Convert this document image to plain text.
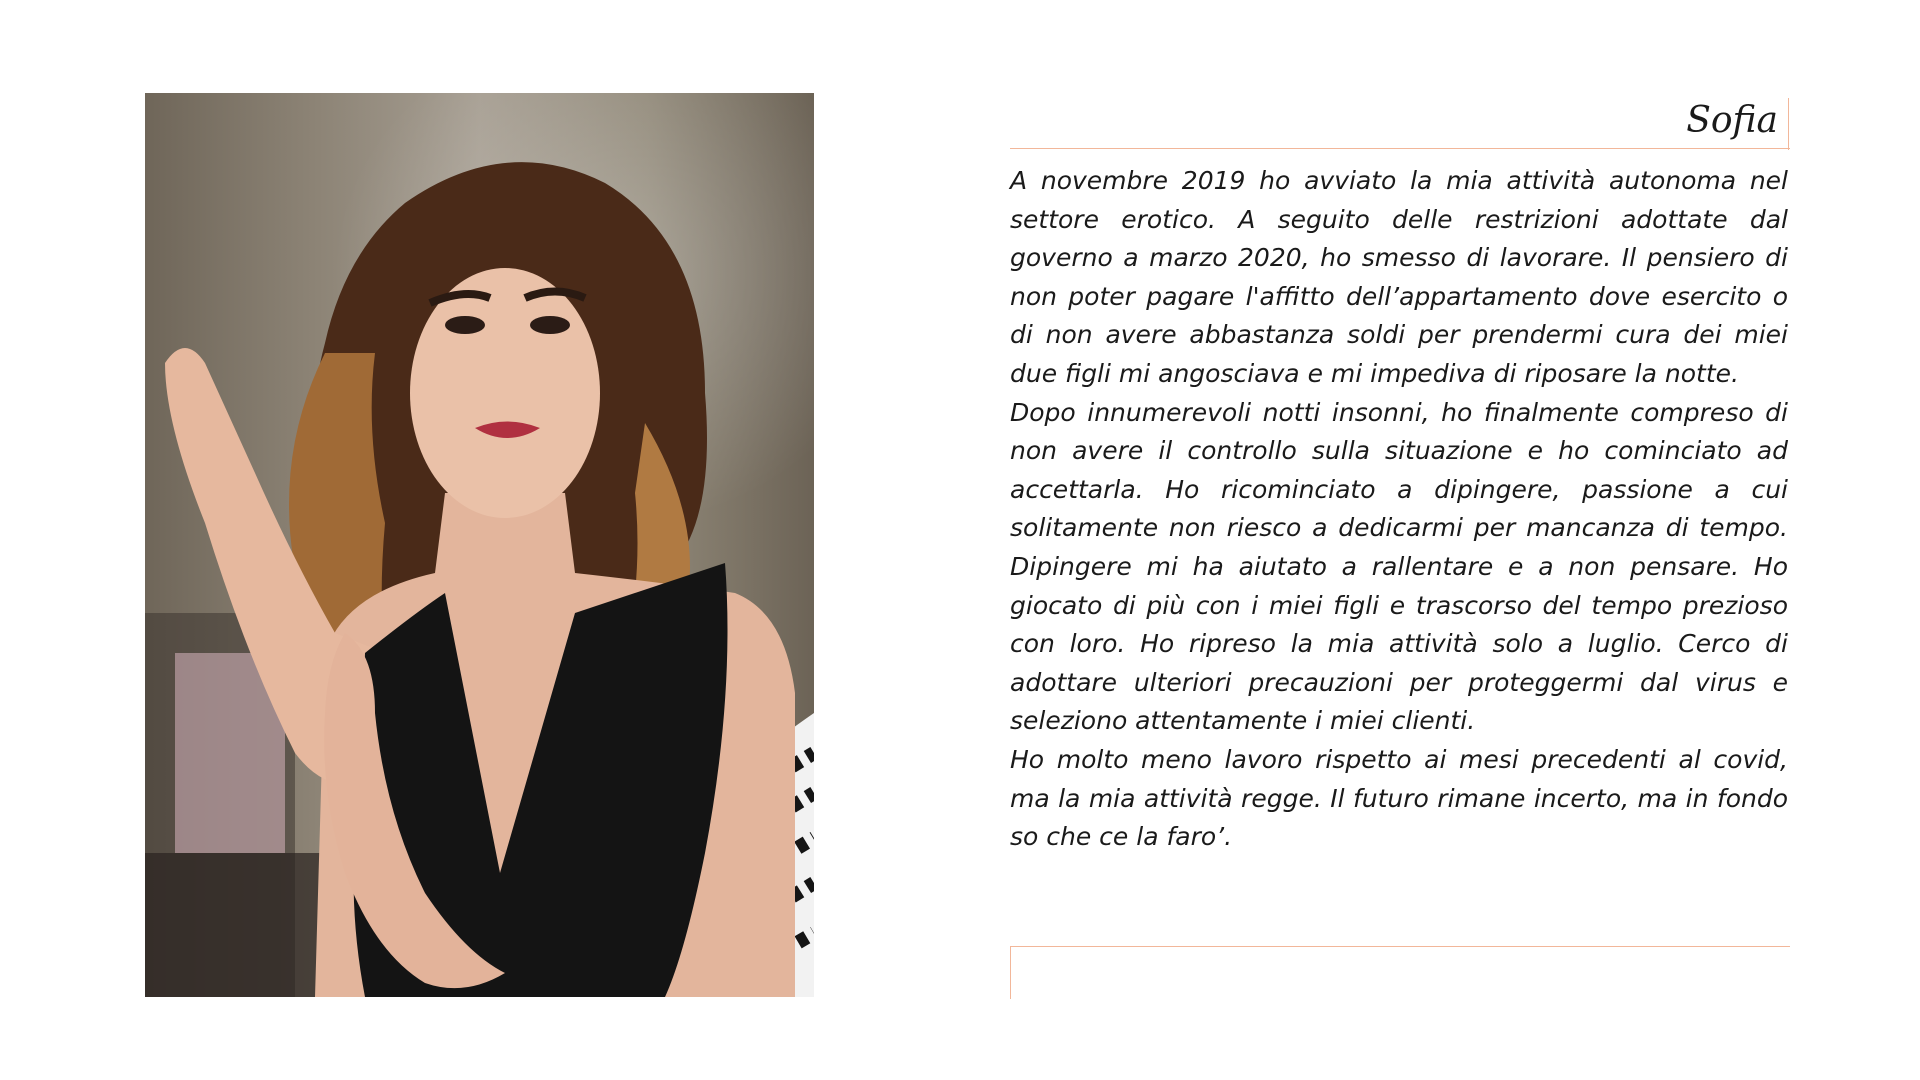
Sofia

A novembre 2019 ho avviato la mia attività autonoma nel settore erotico. A seguito delle restrizioni adottate dal governo a marzo 2020, ho smesso di lavorare. Il pensiero di non poter pagare l'affitto dell’appartamento dove esercito o di non avere abbastanza soldi per prendermi cura dei miei due figli mi angosciava e mi impediva di riposare la notte.

Dopo innumerevoli notti insonni, ho finalmente compreso di non avere il controllo sulla situazione e ho cominciato ad accettarla. Ho ricominciato a dipingere, passione a cui solitamente non riesco a dedicarmi per mancanza di tempo. Dipingere mi ha aiutato a rallentare e a non pensare. Ho giocato di più con i miei figli e trascorso del tempo prezioso con loro. Ho ripreso la mia attività solo a luglio. Cerco di adottare ulteriori precauzioni per proteggermi dal virus e seleziono attentamente i miei clienti.

Ho molto meno lavoro rispetto ai mesi precedenti al covid, ma la mia attività regge. Il futuro rimane incerto, ma in fondo so che ce la faro’.
